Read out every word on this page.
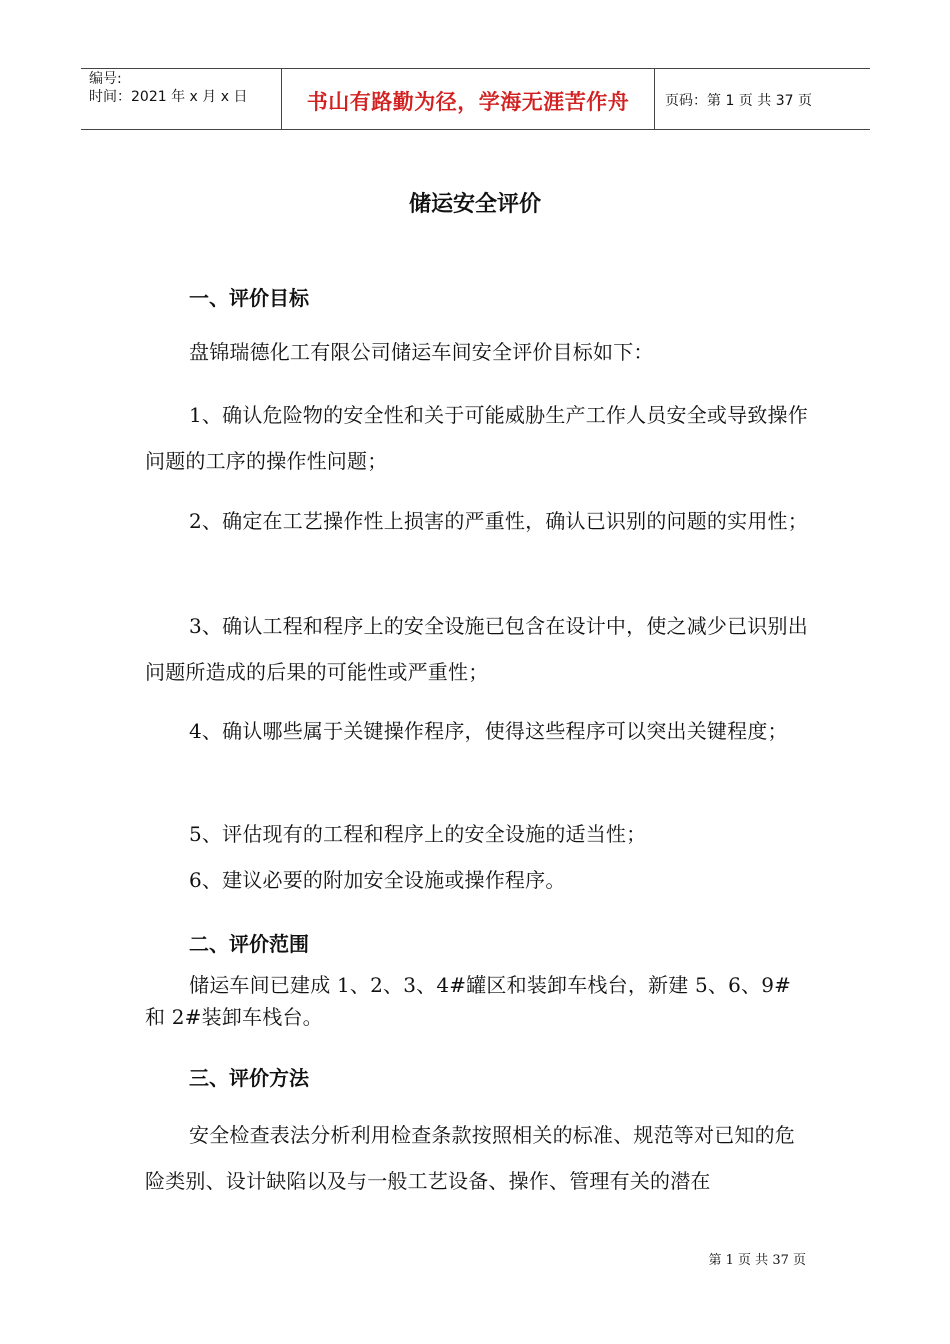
编号:
时间：2021 年 x 月 x 日	书山有路勤为径，学海无涯苦作舟	页码：第 1 页 共 37 页
储运安全评价
一、评价目标
盘锦瑞德化工有限公司储运车间安全评价目标如下：
1、确认危险物的安全性和关于可能威胁生产工作人员安全或导致操作问题的工序的操作性问题；
2、确定在工艺操作性上损害的严重性，确认已识别的问题的实用性；
3、确认工程和程序上的安全设施已包含在设计中，使之减少已识别出问题所造成的后果的可能性或严重性；
4、确认哪些属于关键操作程序，使得这些程序可以突出关键程度；
5、评估现有的工程和程序上的安全设施的适当性；
6、建议必要的附加安全设施或操作程序。
二、评价范围
储运车间已建成 1、2、3、4#罐区和装卸车栈台，新建 5、6、9#和 2#装卸车栈台。
三、评价方法
安全检查表法分析利用检查条款按照相关的标准、规范等对已知的危险类别、设计缺陷以及与一般工艺设备、操作、管理有关的潜在
第 1 页 共 37 页
